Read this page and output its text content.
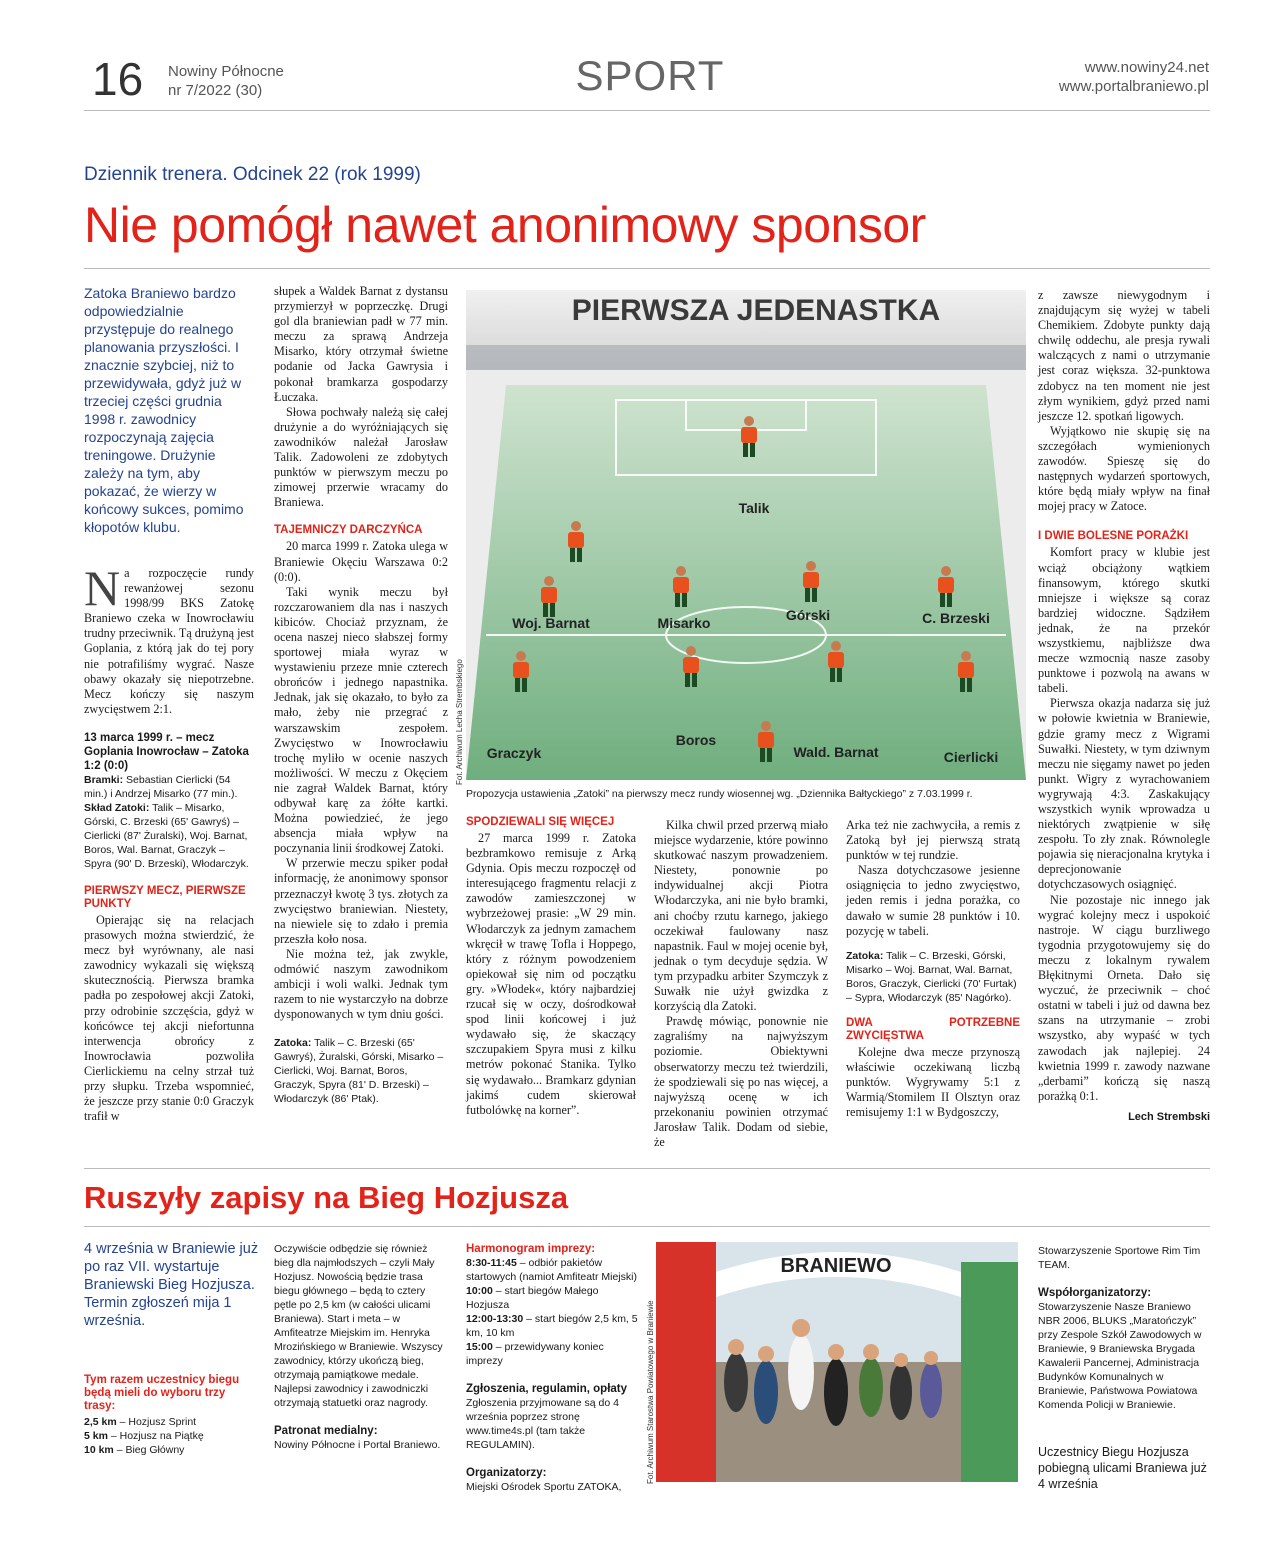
16 Nowiny Północne
nr 7/2022 (30)	SPORT	www.nowiny24.net
www.portalbraniewo.pl
Dziennik trenera. Odcinek 22 (rok 1999)
Nie pomógł nawet anonimowy sponsor
Zatoka Braniewo bardzo odpowiedzialnie przystępuje do realnego planowania przyszłości. I znacznie szybciej, niż to przewidywała, gdyż już w trzeciej części grudnia 1998 r. zawodnicy rozpoczynają zajęcia treningowe. Drużynie zależy na tym, aby pokazać, że wierzy w końcowy sukces, pomimo kłopotów klubu.
Na rozpoczęcie rundy rewanżowej sezonu 1998/99 BKS Zatokę Braniewo czeka w Inowrocławiu trudny przeciwnik. Tą drużyną jest Goplania, z którą jak do tej pory nie potrafiliśmy wygrać. Nasze obawy okazały się niepotrzebne. Mecz kończy się naszym zwycięstwem 2:1.
13 marca 1999 r. – mecz Goplania Inowrocław – Zatoka 1:2 (0:0)
Bramki: Sebastian Cierlicki (54 min.) i Andrzej Misarko (77 min.).
Skład Zatoki: Talik – Misarko, Górski, C. Brzeski (65' Gawryś) – Cierlicki (87' Żuralski), Woj. Barnat, Boros, Wal. Barnat, Graczyk – Spyra (90' D. Brzeski), Włodarczyk.
PIERWSZY MECZ, PIERWSZE PUNKTY

Opierając się na relacjach prasowych można stwierdzić, że mecz był wyrównany, ale nasi zawodnicy wykazali się większą skutecznością. Pierwsza bramka padła po zespołowej akcji Zatoki, przy odrobinie szczęścia, gdyż w końcówce tej akcji niefortunna interwencja obrońcy z Inowrocławia pozwoliła Cierlickiemu na celny strzał tuż przy słupku. Trzeba wspomnieć, że jeszcze przy stanie 0:0 Graczyk trafił w

słupek a Waldek Barnat z dystansu przymierzył w poprzeczkę. Drugi gol dla braniewian padł w 77 min. meczu za sprawą Andrzeja Misarko, który otrzymał świetne podanie od Jacka Gawrysia i pokonał bramkarza gospodarzy Łuczaka.

Słowa pochwały należą się całej drużynie a do wyróżniających się zawodników należał Jarosław Talik. Zadowoleni ze zdobytych punktów w pierwszym meczu po zimowej przerwie wracamy do Braniewa.

TAJEMNICZY DARCZYŃCA

20 marca 1999 r. Zatoka ulega w Braniewie Okęciu Warszawa 0:2 (0:0).

Taki wynik meczu był rozczarowaniem dla nas i naszych kibiców. Chociaż przyznam, że ocena naszej nieco słabszej formy sportowej miała wyraz w wystawieniu przeze mnie czterech obrońców i jednego napastnika. Jednak, jak się okazało, to było za mało, żeby nie przegrać z warszawskim zespołem. Zwycięstwo w Inowrocławiu trochę myliło w ocenie naszych możliwości. W meczu z Okęciem nie zagrał Waldek Barnat, który odbywał karę za żółte kartki. Można powiedzieć, że jego absencja miała wpływ na poczynania linii środkowej Zatoki.

W przerwie meczu spiker podał informację, że anonimowy sponsor przeznaczył kwotę 3 tys. złotych za zwycięstwo braniewian. Niestety, na niewiele się to zdało i premia przeszła koło nosa.

Nie można też, jak zwykle, odmówić naszym zawodnikom ambicji i woli walki. Jednak tym razem to nie wystarczyło na dobrze dysponowanych w tym dniu gości.

Zatoka: Talik – C. Brzeski (65' Gawryś), Żuralski, Górski, Misarko – Cierlicki, Woj. Barnat, Boros, Graczyk, Spyra (81' D. Brzeski) – Włodarczyk (86' Ptak).
PIERWSZA JEDENASTKA
Talik
Woj. Barnat	Misarko	Górski	C. Brzeski
Graczyk
Boros
Wald. Barnat	Cierlicki
Fot. Archiwum Lecha Strembskiego
Propozycja ustawienia „Zatoki” na pierwszy mecz rundy wiosennej wg. „Dziennika Bałtyckiego” z 7.03.1999 r.
SPODZIEWALI SIĘ WIĘCEJ

27 marca 1999 r. Zatoka bezbramkowo remisuje z Arką Gdynia. Opis meczu rozpoczęł od interesującego fragmentu relacji z zawodów zamieszczonej w wybrzeżowej prasie: „W 29 min. Włodarczyk za jednym zamachem wkręcił w trawę Tofla i Hoppego, który z różnym powodzeniem opiekował się nim od początku gry. »Włodek«, który najbardziej rzucał się w oczy, dośrodkował spod linii końcowej i już wydawało się, że skaczący szczupakiem Spyra musi z kilku metrów pokonać Stanika. Tylko się wydawało... Bramkarz gdynian jakimś cudem skierował futbolówkę na korner”.

Kilka chwil przed przerwą miało miejsce wydarzenie, które powinno skutkować naszym prowadzeniem. Niestety, ponownie po indywidualnej akcji Piotra Włodarczyka, ani nie było bramki, ani choćby rzutu karnego, jakiego oczekiwał faulowany nasz napastnik. Faul w mojej ocenie był, jednak o tym decyduje sędzia. W tym przypadku arbiter Szymczyk z Suwałk nie użył gwizdka z korzyścią dla Zatoki.

Prawdę mówiąc, ponownie nie zagraliśmy na najwyższym poziomie. Obiektywni obserwatorzy meczu też twierdzili, że spodziewali się po nas więcej, a najwyższą ocenę w ich przekonaniu powinien otrzymać Jarosław Talik. Dodam od siebie, że

Arka też nie zachwyciła, a remis z Zatoką był jej pierwszą stratą punktów w tej rundzie.

Nasza dotychczasowe jesienne osiągnięcia to jedno zwycięstwo, jeden remis i jedna porażka, co dawało w sumie 28 punktów i 10. pozycję w tabeli.

Zatoka: Talik – C. Brzeski, Górski, Misarko – Woj. Barnat, Wal. Barnat, Boros, Graczyk, Cierlicki (70' Furtak) – Sypra, Włodarczyk (85' Nagórko).
DWA POTRZEBNE ZWYCIĘSTWA

Kolejne dwa mecze przynoszą właściwie oczekiwaną liczbą punktów. Wygrywamy 5:1 z Warmią/Stomilem II Olsztyn oraz remisujemy 1:1 w Bydgoszczy,

z zawsze niewygodnym i znajdującym się wyżej w tabeli Chemikiem. Zdobyte punkty dają chwilę oddechu, ale presja rywali walczących z nami o utrzymanie jest coraz większa. 32-punktowa zdobycz na ten moment nie jest złym wynikiem, gdyż przed nami jeszcze 12. spotkań ligowych.

Wyjątkowo nie skupię się na szczegółach wymienionych zawodów. Spieszę się do następnych wydarzeń sportowych, które będą miały wpływ na finał mojej pracy w Zatoce.

I DWIE BOLESNE PORAŻKI

Komfort pracy w klubie jest wciąż obciążony wątkiem finansowym, którego skutki mniejsze i większe są coraz bardziej widoczne. Sądziłem jednak, że na przekór wszystkiemu, najbliższe dwa mecze wzmocnią nasze zasoby punktowe i pozwolą na awans w tabeli.

Pierwsza okazja nadarza się już w połowie kwietnia w Braniewie, gdzie gramy mecz z Wigrami Suwałki. Niestety, w tym dziwnym meczu nie sięgamy nawet po jeden punkt. Wigry z wyrachowaniem wygrywają 4:3. Zaskakujący wszystkich wynik wprowadza u niektórych zwątpienie w siłę zespołu. To zły znak. Równolegle pojawia się nieracjonalna krytyka i deprecjonowanie dotychczasowych osiągnięć.

Nie pozostaje nic innego jak wygrać kolejny mecz i uspokoić nastroje. W ciągu burzliwego tygodnia przygotowujemy się do meczu z lokalnym rywalem Błękitnymi Orneta. Dało się wyczuć, że przeciwnik – choć ostatni w tabeli i już od dawna bez szans na utrzymanie – zrobi wszystko, aby wypaść w tych zawodach jak najlepiej. 24 kwietnia 1999 r. zawody nazwane „derbami” kończą się naszą porażką 0:1.

Lech Strembski
Ruszyły zapisy na Bieg Hozjusza
4 września w Braniewie już po raz VII. wystartuje Braniewski Bieg Hozjusza. Termin zgłoszeń mija 1 września.
Tym razem uczestnicy biegu będą mieli do wyboru trzy trasy:
2,5 km – Hozjusz Sprint
5 km – Hozjusz na Piątkę
10 km – Bieg Główny
Oczywiście odbędzie się również bieg dla najmłodszych – czyli Mały Hozjusz. Nowością będzie trasa biegu głównego – będą to cztery pętle po 2,5 km (w całości ulicami Braniewa). Start i meta – w Amfiteatrze Miejskim im. Henryka Mrozińskiego w Braniewie. Wszyscy zawodnicy, którzy ukończą bieg, otrzymają pamiątkowe medale. Najlepsi zawodnicy i zawodniczki otrzymają statuetki oraz nagrody.
Patronat medialny:
Nowiny Północne i Portal Braniewo.
Harmonogram imprezy:
8:30-11:45 – odbiór pakietów startowych (namiot Amfiteatr Miejski)
10:00 – start biegów Małego Hozjusza
12:00-13:30 – start biegów 2,5 km, 5 km, 10 km
15:00 – przewidywany koniec imprezy
Zgłoszenia, regulamin, opłaty
Zgłoszenia przyjmowane są do 4 września poprzez stronę www.time4s.pl (tam także REGULAMIN).
Organizatorzy:
Miejski Ośrodek Sportu ZATOKA,
BRANIEWO
Fot. Archiwum Starostwa Powiatowego w Braniewie
Stowarzyszenie Sportowe Rim Tim TEAM.
Współorganizatorzy:
Stowarzyszenie Nasze Braniewo NBR 2006, BLUKS „Maratończyk” przy Zespole Szkół Zawodowych w Braniewie, 9 Braniewska Brygada Kawalerii Pancernej, Administracja Budynków Komunalnych w Braniewie, Państwowa Powiatowa Komenda Policji w Braniewie.
Uczestnicy Biegu Hozjusza pobiegną ulicami Braniewa już 4 września
